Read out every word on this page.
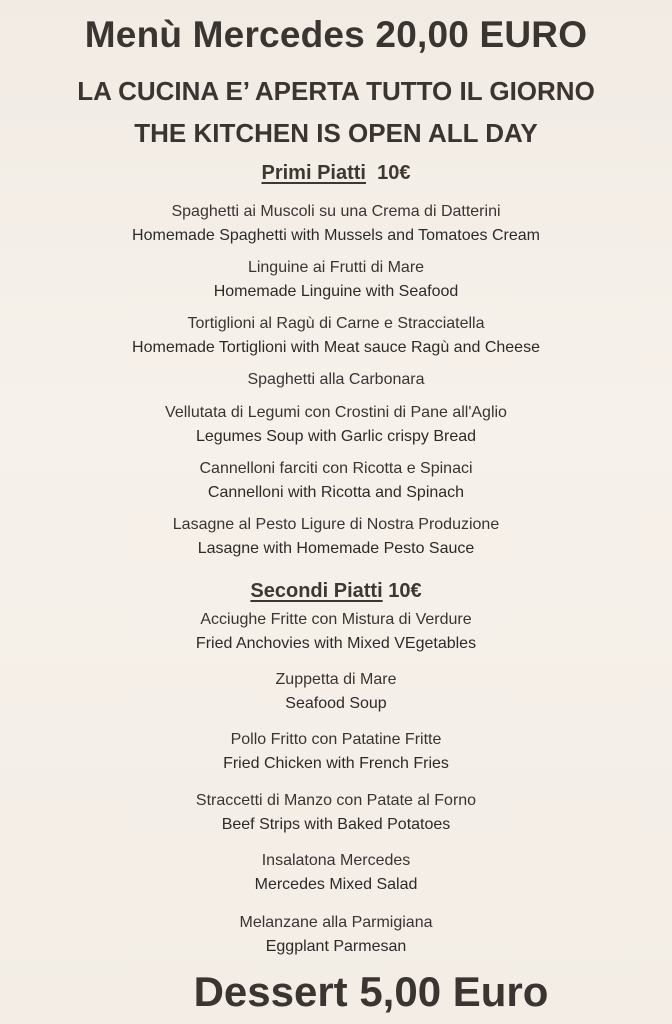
Menù Mercedes 20,00 EURO
LA CUCINA E’ APERTA TUTTO IL GIORNO
THE KITCHEN IS OPEN ALL DAY
Primi Piatti 10€
Spaghetti ai Muscoli su una Crema di Datterini
Homemade Spaghetti with Mussels and Tomatoes Cream
Linguine ai Frutti di Mare
Homemade Linguine with Seafood
Tortiglioni al Ragù di Carne e Stracciatella
Homemade Tortiglioni with Meat sauce Ragù and Cheese
Spaghetti alla Carbonara
Vellutata di Legumi con Crostini di Pane all'Aglio
Legumes Soup with Garlic crispy Bread
Cannelloni farciti con Ricotta e Spinaci
Cannelloni with Ricotta and Spinach
Lasagne al Pesto Ligure di Nostra Produzione
Lasagne with Homemade Pesto Sauce
Secondi Piatti 10€
Acciughe Fritte con Mistura di Verdure
Fried Anchovies with Mixed VEgetables
Zuppetta di Mare
Seafood Soup
Pollo Fritto con Patatine Fritte
Fried Chicken with French Fries
Straccetti di Manzo con Patate al Forno
Beef Strips with Baked Potatoes
Insalatona Mercedes
Mercedes Mixed Salad
Melanzane alla Parmigiana
Eggplant Parmesan
Dessert 5,00 Euro
